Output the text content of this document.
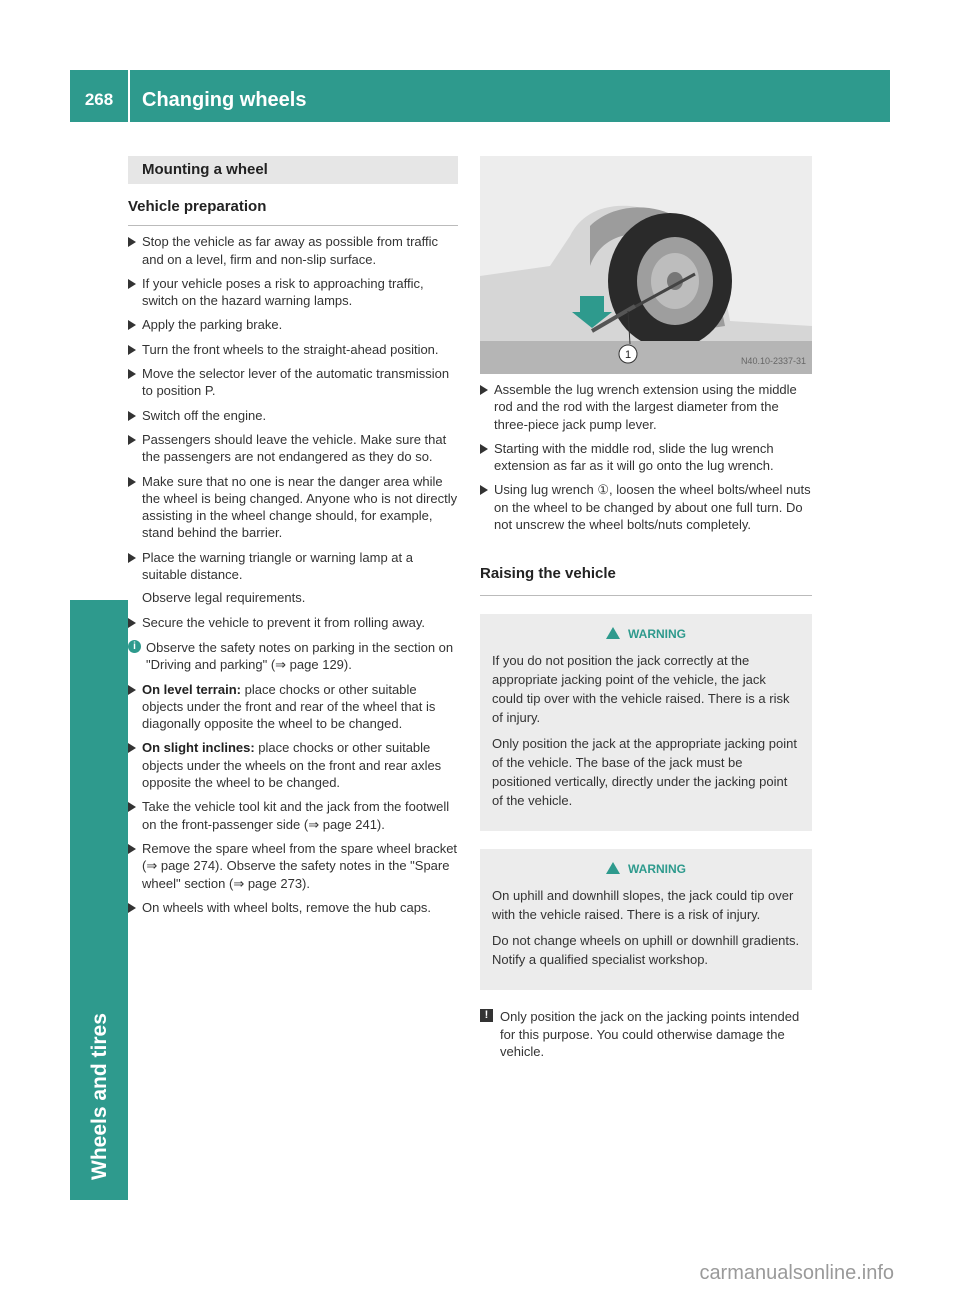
268	Changing wheels
Wheels and tires
Mounting a wheel
Vehicle preparation
Stop the vehicle as far away as possible from traffic and on a level, firm and non-slip surface.
If your vehicle poses a risk to approaching traffic, switch on the hazard warning lamps.
Apply the parking brake.
Turn the front wheels to the straight-ahead position.
Move the selector lever of the automatic transmission to position P.
Switch off the engine.
Passengers should leave the vehicle. Make sure that the passengers are not endangered as they do so.
Make sure that no one is near the danger area while the wheel is being changed. Anyone who is not directly assisting in the wheel change should, for example, stand behind the barrier.
Place the warning triangle or warning lamp at a suitable distance.
Observe legal requirements.
Secure the vehicle to prevent it from rolling away.
i Observe the safety notes on parking in the section on "Driving and parking" (⇒ page 129).
On level terrain: place chocks or other suitable objects under the front and rear of the wheel that is diagonally opposite the wheel to be changed.
On slight inclines: place chocks or other suitable objects under the wheels on the front and rear axles opposite the wheel to be changed.
Take the vehicle tool kit and the jack from the footwell on the front-passenger side (⇒ page 241).
Remove the spare wheel from the spare wheel bracket (⇒ page 274). Observe the safety notes in the "Spare wheel" section (⇒ page 273).
On wheels with wheel bolts, remove the hub caps.
1	N40.10-2337-31
Assemble the lug wrench extension using the middle rod and the rod with the largest diameter from the three-piece jack pump lever.
Starting with the middle rod, slide the lug wrench extension as far as it will go onto the lug wrench.
Using lug wrench ①, loosen the wheel bolts/wheel nuts on the wheel to be changed by about one full turn. Do not unscrew the wheel bolts/nuts completely.
Raising the vehicle
WARNING

If you do not position the jack correctly at the appropriate jacking point of the vehicle, the jack could tip over with the vehicle raised. There is a risk of injury.

Only position the jack at the appropriate jacking point of the vehicle. The base of the jack must be positioned vertically, directly under the jacking point of the vehicle.

WARNING

On uphill and downhill slopes, the jack could tip over with the vehicle raised. There is a risk of injury.

Do not change wheels on uphill or downhill gradients. Notify a qualified specialist workshop.

! Only position the jack on the jacking points intended for this purpose. You could otherwise damage the vehicle.
carmanualsonline.info
